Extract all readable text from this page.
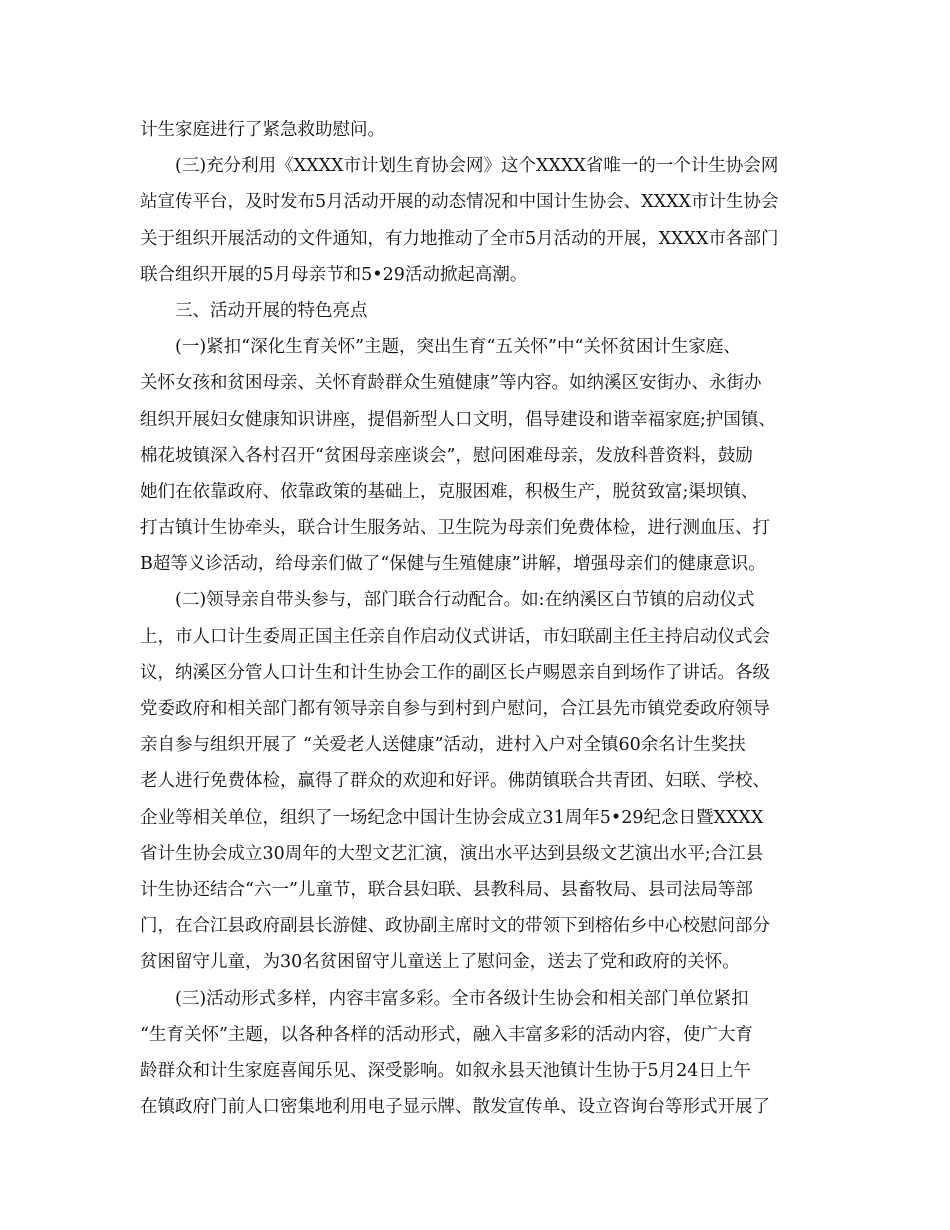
计生家庭进行了紧急救助慰问。
(三)充分利用《XXXX市计划生育协会网》这个XXXX省唯一的一个计生协会网
站宣传平台，及时发布5月活动开展的动态情况和中国计生协会、XXXX市计生协会
关于组织开展活动的文件通知，有力地推动了全市5月活动的开展，XXXX市各部门
联合组织开展的5月母亲节和5•29活动掀起高潮。
三、活动开展的特色亮点
(一)紧扣“深化生育关怀”主题，突出生育“五关怀”中“关怀贫困计生家庭、
关怀女孩和贫困母亲、关怀育龄群众生殖健康”等内容。如纳溪区安街办、永街办
组织开展妇女健康知识讲座，提倡新型人口文明，倡导建设和谐幸福家庭;护国镇、
棉花坡镇深入各村召开“贫困母亲座谈会”，慰问困难母亲，发放科普资料，鼓励
她们在依靠政府、依靠政策的基础上，克服困难，积极生产，脱贫致富;渠坝镇、
打古镇计生协牵头，联合计生服务站、卫生院为母亲们免费体检，进行测血压、打
B超等义诊活动，给母亲们做了“保健与生殖健康”讲解，增强母亲们的健康意识。
(二)领导亲自带头参与，部门联合行动配合。如:在纳溪区白节镇的启动仪式
上，市人口计生委周正国主任亲自作启动仪式讲话，市妇联副主任主持启动仪式会
议，纳溪区分管人口计生和计生协会工作的副区长卢赐恩亲自到场作了讲话。各级
党委政府和相关部门都有领导亲自参与到村到户慰问，合江县先市镇党委政府领导
亲自参与组织开展了 “关爱老人送健康”活动，进村入户对全镇60余名计生奖扶
老人进行免费体检，赢得了群众的欢迎和好评。佛荫镇联合共青团、妇联、学校、
企业等相关单位，组织了一场纪念中国计生协会成立31周年5•29纪念日暨XXXX
省计生协会成立30周年的大型文艺汇演，演出水平达到县级文艺演出水平;合江县
计生协还结合“六一”儿童节，联合县妇联、县教科局、县畜牧局、县司法局等部
门，在合江县政府副县长游健、政协副主席时文的带领下到榕佑乡中心校慰问部分
贫困留守儿童，为30名贫困留守儿童送上了慰问金，送去了党和政府的关怀。
(三)活动形式多样，内容丰富多彩。全市各级计生协会和相关部门单位紧扣
“生育关怀”主题，以各种各样的活动形式，融入丰富多彩的活动内容，使广大育
龄群众和计生家庭喜闻乐见、深受影响。如叙永县天池镇计生协于5月24日上午
在镇政府门前人口密集地利用电子显示牌、散发宣传单、设立咨询台等形式开展了
